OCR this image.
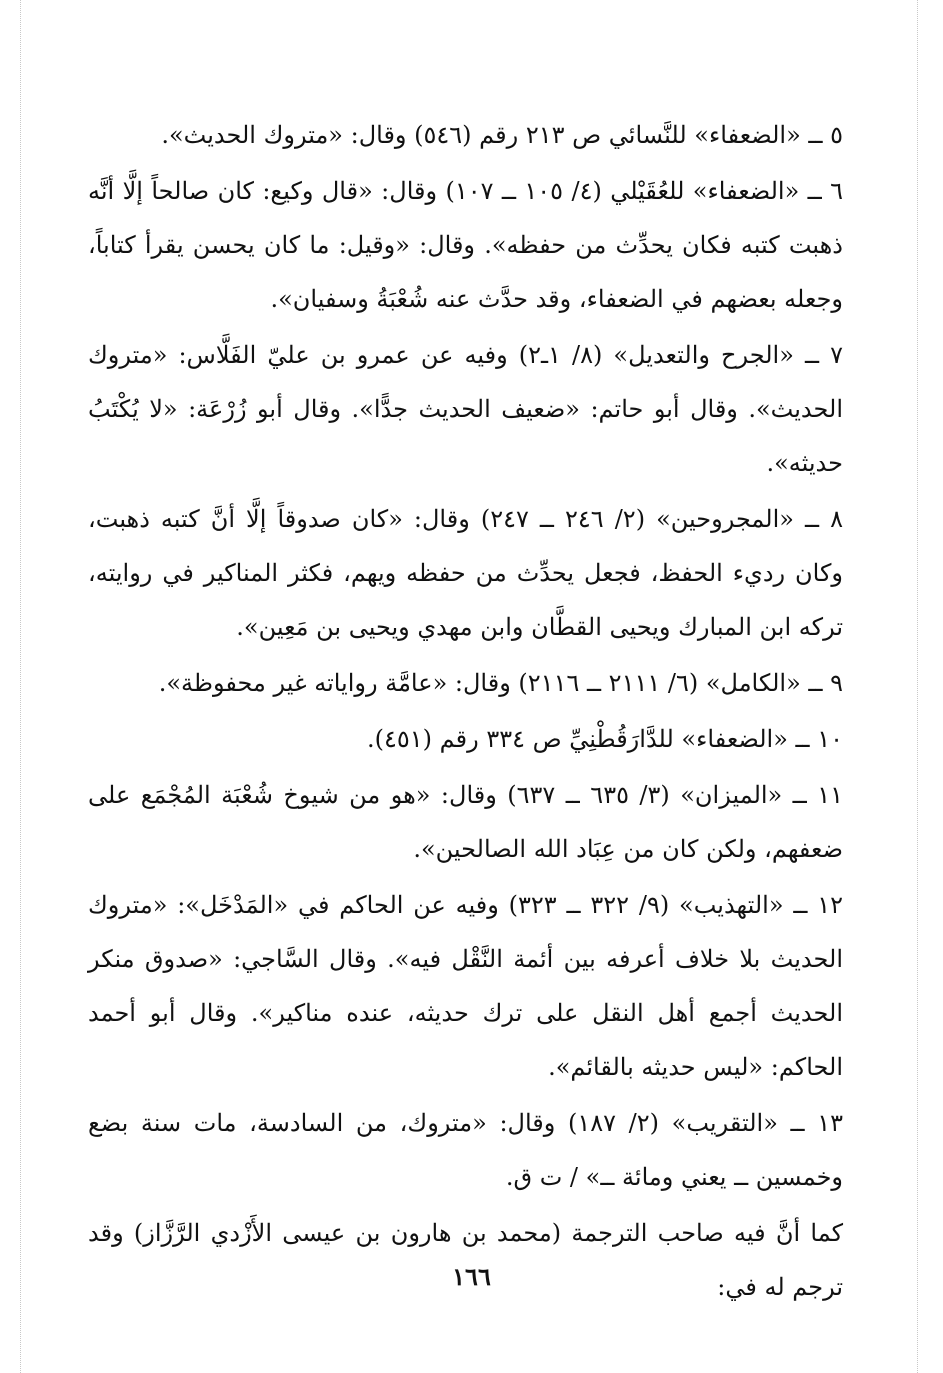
٥ ــ «الضعفاء» للنَّسائي ص ٢١٣ رقم (٥٤٦) وقال: «متروك الحديث».

٦ ــ «الضعفاء» للعُقَيْلي (٤/ ١٠٥ ــ ١٠٧) وقال: «قال وكيع: كان صالحاً إلَّا أنَّه ذهبت كتبه فكان يحدِّث من حفظه». وقال: «وقيل: ما كان يحسن يقرأ كتاباً، وجعله بعضهم في الضعفاء، وقد حدَّث عنه شُعْبَةُ وسفيان».

٧ ــ «الجرح والتعديل» (٨/ ١ـ٢) وفيه عن عمرو بن عليّ الفَلَّاس: «متروك الحديث». وقال أبو حاتم: «ضعيف الحديث جدًّا». وقال أبو زُرْعَة: «لا يُكْتَبُ حديثه».

٨ ــ «المجروحين» (٢/ ٢٤٦ ــ ٢٤٧) وقال: «كان صدوقاً إلَّا أنَّ كتبه ذهبت، وكان رديء الحفظ، فجعل يحدِّث من حفظه ويهم، فكثر المناكير في روايته، تركه ابن المبارك ويحيى القطَّان وابن مهدي ويحيى بن مَعِين».

٩ ــ «الكامل» (٦/ ٢١١١ ــ ٢١١٦) وقال: «عامَّة رواياته غير محفوظة».

١٠ ــ «الضعفاء» للدَّارَقُطْنِيِّ ص ٣٣٤ رقم (٤٥١).

١١ ــ «الميزان» (٣/ ٦٣٥ ــ ٦٣٧) وقال: «هو من شيوخ شُعْبَة المُجْمَع على ضعفهم، ولكن كان من عِبَاد الله الصالحين».

١٢ ــ «التهذيب» (٩/ ٣٢٢ ــ ٣٢٣) وفيه عن الحاكم في «المَدْخَل»: «متروك الحديث بلا خلاف أعرفه بين أئمة النَّقْل فيه». وقال السَّاجي: «صدوق منكر الحديث أجمع أهل النقل على ترك حديثه، عنده مناكير». وقال أبو أحمد الحاكم: «ليس حديثه بالقائم».

١٣ ــ «التقريب» (٢/ ١٨٧) وقال: «متروك، من السادسة، مات سنة بضع وخمسين ــ يعني ومائة ــ» / ت ق.

كما أنَّ فيه صاحب الترجمة (محمد بن هارون بن عيسى الأَزْدي الرَّزَّاز) وقد ترجم له في:

١٦٦
